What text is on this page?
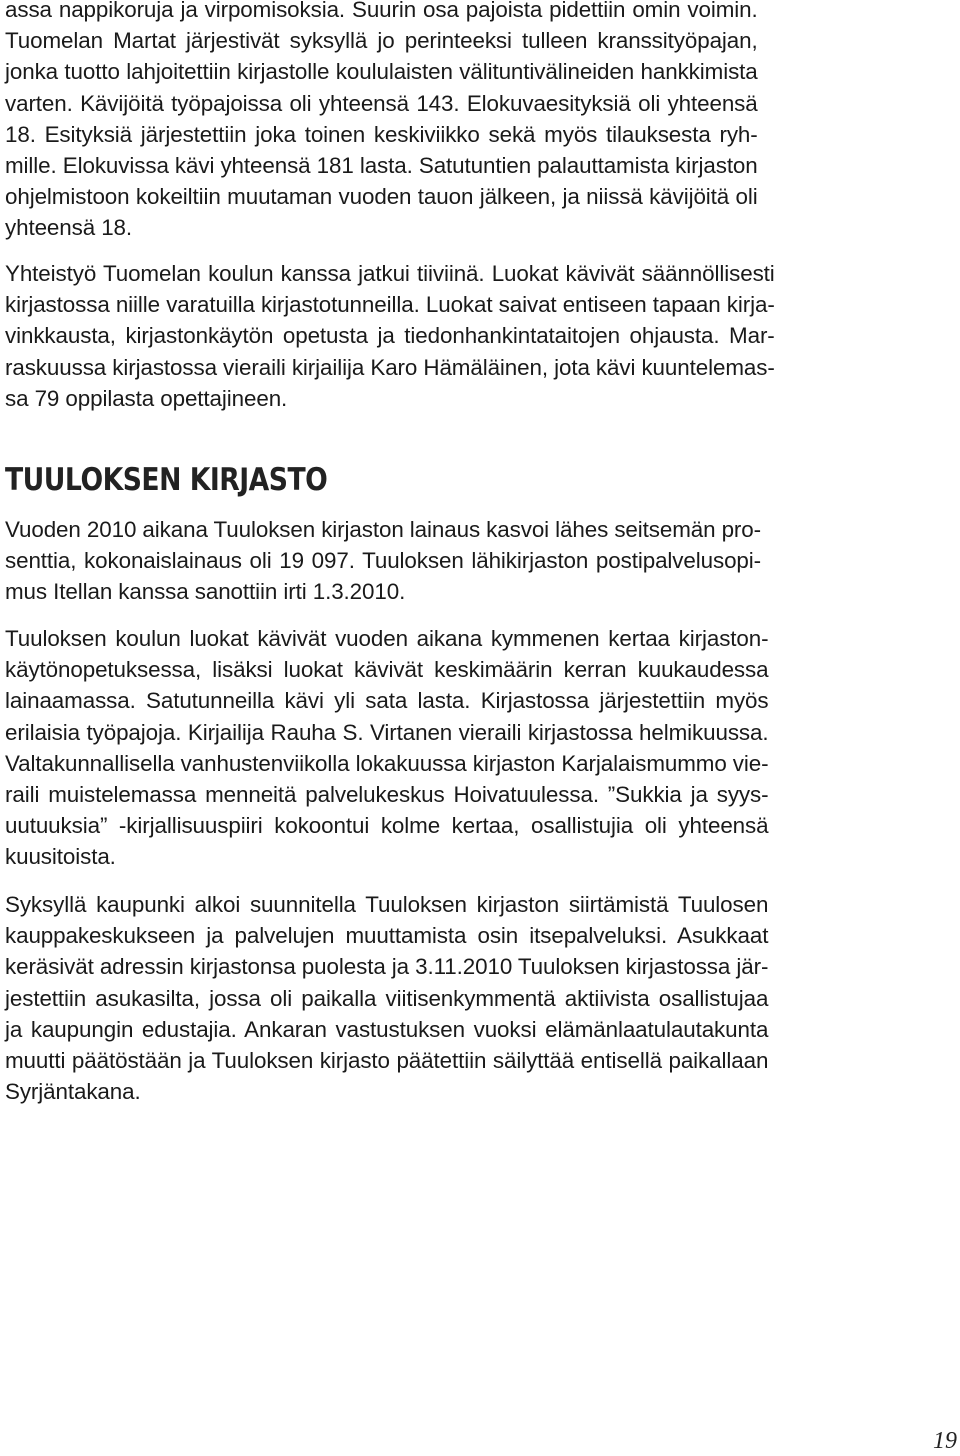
assa nappikoruja ja virpomisoksia. Suurin osa pajoista pidettiin omin voimin.
Tuomelan Martat järjestivät syksyllä jo perinteeksi tulleen kranssityöpajan,
jonka tuotto lahjoitettiin kirjastolle koululaisten välituntivälineiden hankkimista
varten. Kävijöitä työpajoissa oli yhteensä 143. Elokuvaesityksiä oli yhteensä
18. Esityksiä järjestettiin joka toinen keskiviikko sekä myös tilauksesta ryh-
mille. Elokuvissa kävi yhteensä 181 lasta. Satutuntien palauttamista kirjaston
ohjelmistoon kokeiltiin muutaman vuoden tauon jälkeen, ja niissä kävijöitä oli
yhteensä 18.
Yhteistyö Tuomelan koulun kanssa jatkui tiiviinä. Luokat kävivät säännöllisesti
kirjastossa niille varatuilla kirjastotunneilla. Luokat saivat entiseen tapaan kirja-
vinkkausta, kirjastonkäytön opetusta ja tiedonhankintataitojen ohjausta. Mar-
raskuussa kirjastossa vieraili kirjailija Karo Hämäläinen, jota kävi kuuntelemas-
sa 79 oppilasta opettajineen.
TUULOKSEN KIRJASTO
Vuoden 2010 aikana Tuuloksen kirjaston lainaus kasvoi lähes seitsemän pro-
senttia, kokonaislainaus oli 19 097. Tuuloksen lähikirjaston postipalvelusopi-
mus Itellan kanssa sanottiin irti 1.3.2010.
Tuuloksen koulun luokat kävivät vuoden aikana kymmenen kertaa kirjaston-
käytönopetuksessa, lisäksi luokat kävivät keskimäärin kerran kuukaudessa
lainaamassa. Satutunneilla kävi yli sata lasta. Kirjastossa järjestettiin myös
erilaisia työpajoja. Kirjailija Rauha S. Virtanen vieraili kirjastossa helmikuussa.
Valtakunnallisella vanhustenviikolla lokakuussa kirjaston Karjalaismummo vie-
raili muistelemassa menneitä palvelukeskus Hoivatuulessa. ”Sukkia ja syys-
uutuuksia” -kirjallisuuspiiri kokoontui kolme kertaa, osallistujia oli yhteensä
kuusitoista.
Syksyllä kaupunki alkoi suunnitella Tuuloksen kirjaston siirtämistä Tuulosen
kauppakeskukseen ja palvelujen muuttamista osin itsepalveluksi. Asukkaat
keräsivät adressin kirjastonsa puolesta ja 3.11.2010 Tuuloksen kirjastossa jär-
jestettiin asukasilta, jossa oli paikalla viitisenkymmentä aktiivista osallistujaa
ja kaupungin edustajia. Ankaran vastustuksen vuoksi elämänlaatulautakunta
muutti päätöstään ja Tuuloksen kirjasto päätettiin säilyttää entisellä paikallaan
Syrjäntakana.
19
